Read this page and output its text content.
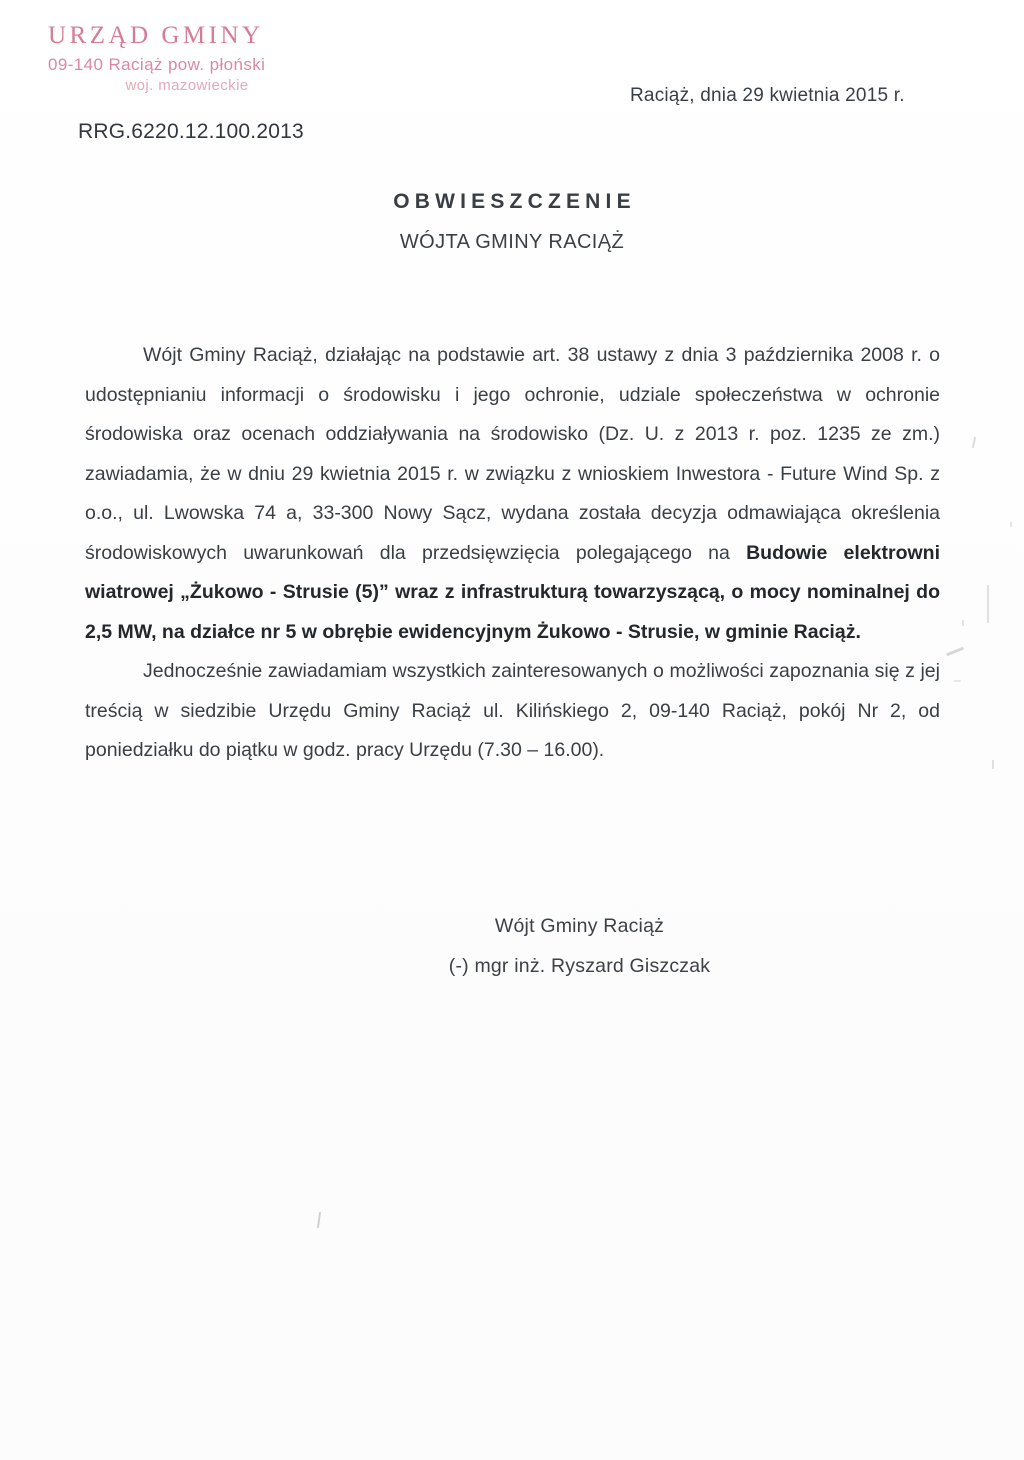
URZĄD GMINY
09-140 Raciąż pow. płoński
woj. mazowieckie
RRG.6220.12.100.2013
Raciąż, dnia 29 kwietnia 2015 r.
OBWIESZCZENIE
WÓJTA GMINY RACIĄŻ

Wójt Gminy Raciąż, działając na podstawie art. 38 ustawy z dnia 3 października 2008 r. o udostępnianiu informacji o środowisku i jego ochronie, udziale społeczeństwa w ochronie środowiska oraz ocenach oddziaływania na środowisko (Dz. U. z 2013 r. poz. 1235 ze zm.) zawiadamia, że w dniu 29 kwietnia 2015 r. w związku z wnioskiem Inwestora - Future Wind Sp. z o.o., ul. Lwowska 74 a, 33-300 Nowy Sącz, wydana została decyzja odmawiająca określenia środowiskowych uwarunkowań dla przedsięwzięcia polegającego na Budowie elektrowni wiatrowej „Żukowo - Strusie (5)” wraz z infrastrukturą towarzyszącą, o mocy nominalnej do 2,5 MW, na działce nr 5 w obrębie ewidencyjnym Żukowo - Strusie, w gminie Raciąż.

Jednocześnie zawiadamiam wszystkich zainteresowanych o możliwości zapoznania się z jej treścią w siedzibie Urzędu Gminy Raciąż ul. Kilińskiego 2, 09-140 Raciąż, pokój Nr 2, od poniedziałku do piątku w godz. pracy Urzędu (7.30 – 16.00).

Wójt Gminy Raciąż
(-) mgr inż. Ryszard Giszczak
